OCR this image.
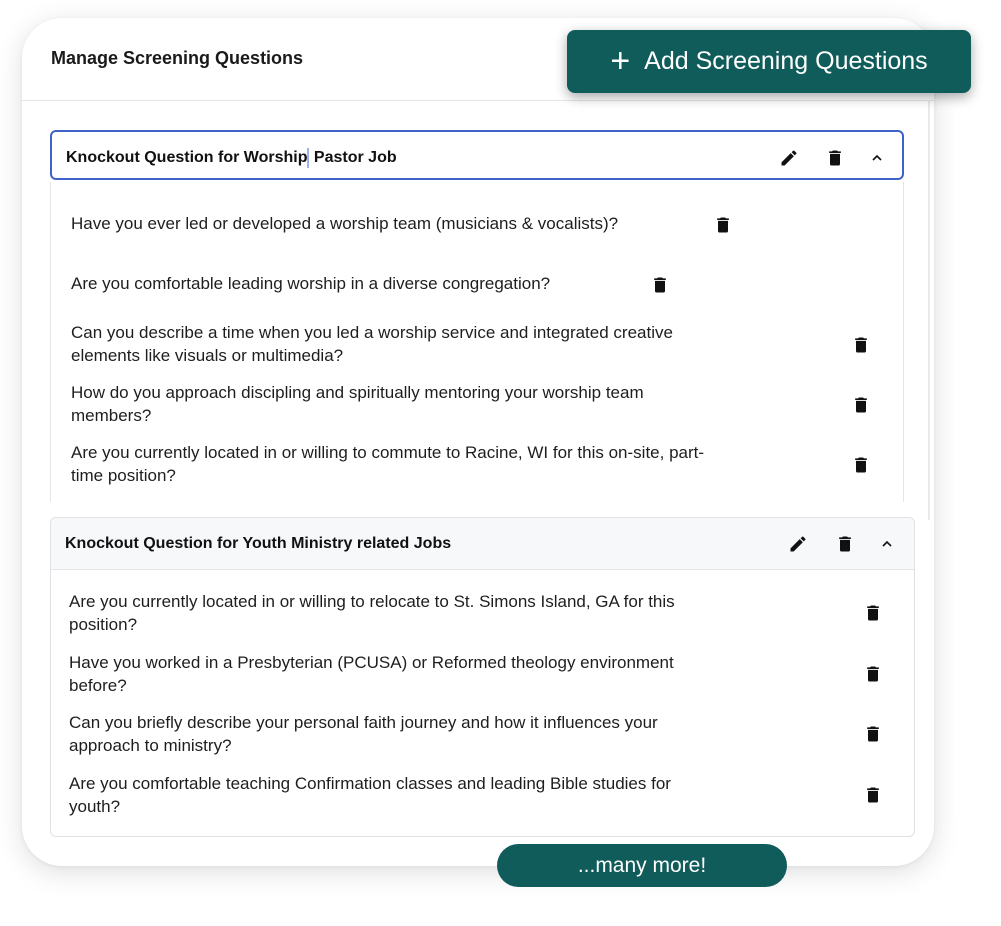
Manage Screening Questions	+ Add Screening Questions
Knockout Question for Worship Pastor Job
Have you ever led or developed a worship team (musicians & vocalists)?
Are you comfortable leading worship in a diverse congregation?
Can you describe a time when you led a worship service and integrated creative
elements like visuals or multimedia?
How do you approach discipling and spiritually mentoring your worship team
members?
Are you currently located in or willing to commute to Racine, WI for this on-site, part-
time position?
Knockout Question for Youth Ministry related Jobs
Are you currently located in or willing to relocate to St. Simons Island, GA for this
position?
Have you worked in a Presbyterian (PCUSA) or Reformed theology environment
before?
Can you briefly describe your personal faith journey and how it influences your
approach to ministry?
Are you comfortable teaching Confirmation classes and leading Bible studies for
youth?
...many more!
